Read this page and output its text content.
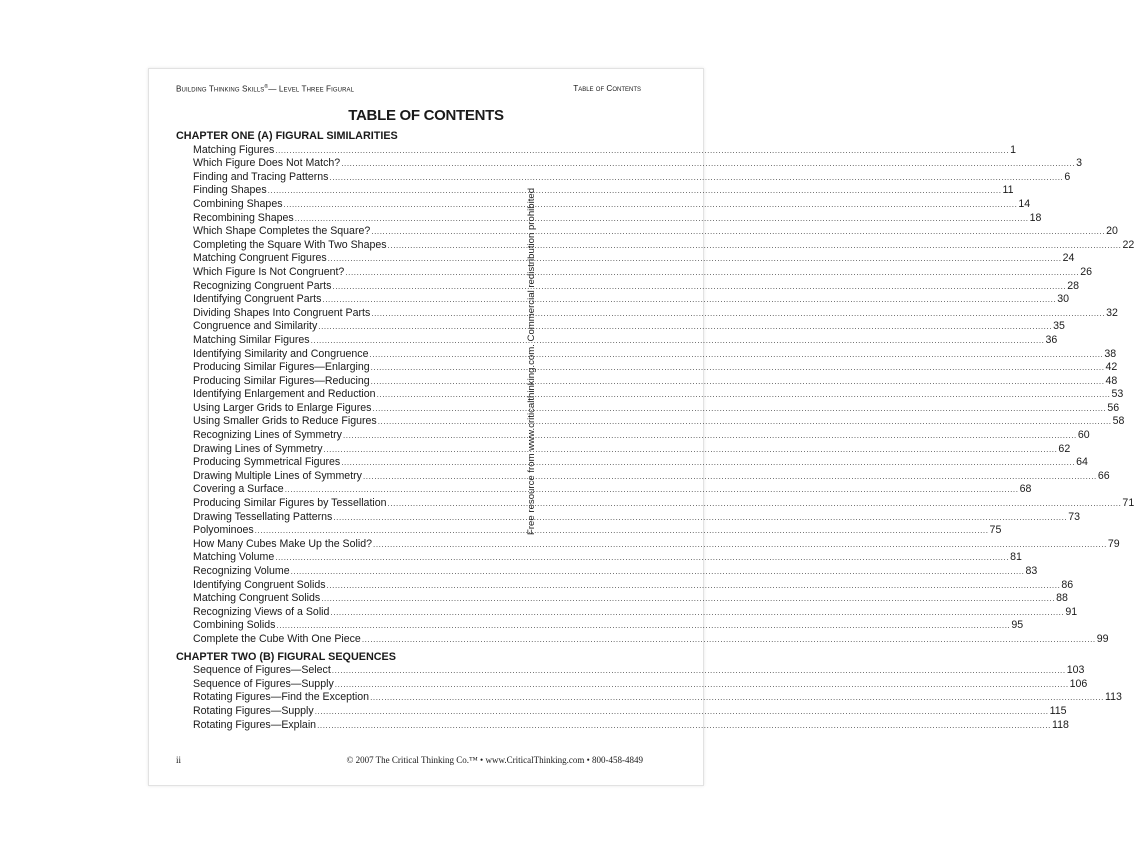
Building Thinking Skills®— Level Three Figural	Table of Contents
TABLE OF CONTENTS
CHAPTER ONE (A) FIGURAL SIMILARITIES
Matching Figures .................................................................................................................................................................................................................................................................... 1
Which Figure Does Not Match? .................................................................................................................................................................................................................................................................... 3
Finding and Tracing Patterns .................................................................................................................................................................................................................................................................... 6
Finding Shapes .................................................................................................................................................................................................................................................................... 11
Combining Shapes .................................................................................................................................................................................................................................................................... 14
Recombining Shapes .................................................................................................................................................................................................................................................................... 18
Which Shape Completes the Square? .................................................................................................................................................................................................................................................................... 20
Completing the Square With Two Shapes .................................................................................................................................................................................................................................................................... 22
Matching Congruent Figures .................................................................................................................................................................................................................................................................... 24
Which Figure Is Not Congruent? .................................................................................................................................................................................................................................................................... 26
Recognizing Congruent Parts .................................................................................................................................................................................................................................................................... 28
Identifying Congruent Parts .................................................................................................................................................................................................................................................................... 30
Dividing Shapes Into Congruent Parts .................................................................................................................................................................................................................................................................... 32
Congruence and Similarity .................................................................................................................................................................................................................................................................... 35
Matching Similar Figures .................................................................................................................................................................................................................................................................... 36
Identifying Similarity and Congruence .................................................................................................................................................................................................................................................................... 38
Producing Similar Figures—Enlarging .................................................................................................................................................................................................................................................................... 42
Producing Similar Figures—Reducing .................................................................................................................................................................................................................................................................... 48
Identifying Enlargement and Reduction .................................................................................................................................................................................................................................................................... 53
Using Larger Grids to Enlarge Figures .................................................................................................................................................................................................................................................................... 56
Using Smaller Grids to Reduce Figures .................................................................................................................................................................................................................................................................... 58
Recognizing Lines of Symmetry .................................................................................................................................................................................................................................................................... 60
Drawing Lines of Symmetry .................................................................................................................................................................................................................................................................... 62
Producing Symmetrical Figures .................................................................................................................................................................................................................................................................... 64
Drawing Multiple Lines of Symmetry .................................................................................................................................................................................................................................................................... 66
Covering a Surface .................................................................................................................................................................................................................................................................... 68
Producing Similar Figures by Tessellation .................................................................................................................................................................................................................................................................... 71
Drawing Tessellating Patterns .................................................................................................................................................................................................................................................................... 73
Polyominoes .................................................................................................................................................................................................................................................................... 75
How Many Cubes Make Up the Solid? .................................................................................................................................................................................................................................................................... 79
Matching Volume .................................................................................................................................................................................................................................................................... 81
Recognizing Volume .................................................................................................................................................................................................................................................................... 83
Identifying Congruent Solids .................................................................................................................................................................................................................................................................... 86
Matching Congruent Solids .................................................................................................................................................................................................................................................................... 88
Recognizing Views of a Solid .................................................................................................................................................................................................................................................................... 91
Combining Solids .................................................................................................................................................................................................................................................................... 95
Complete the Cube With One Piece .................................................................................................................................................................................................................................................................... 99
CHAPTER TWO (B) FIGURAL SEQUENCES
Sequence of Figures—Select .................................................................................................................................................................................................................................................................... 103
Sequence of Figures—Supply .................................................................................................................................................................................................................................................................... 106
Rotating Figures—Find the Exception .................................................................................................................................................................................................................................................................... 113
Rotating Figures—Supply .................................................................................................................................................................................................................................................................... 115
Rotating Figures—Explain .................................................................................................................................................................................................................................................................... 118
ii	© 2007 The Critical Thinking Co.™ • www.CriticalThinking.com • 800-458-4849
Free resource from www.criticalthinking.com. Commercial redistribution prohibited
